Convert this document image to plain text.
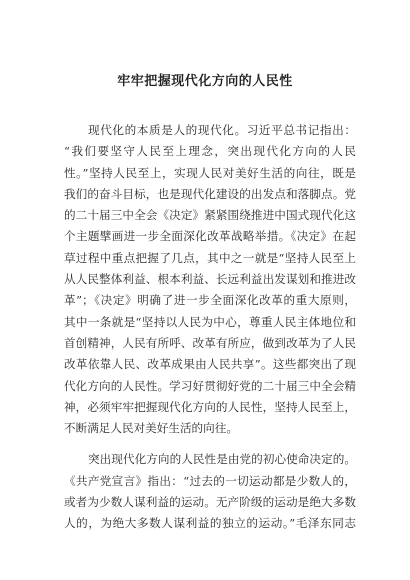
牢牢把握现代化方向的人民性
现代化的本质是人的现代化。习近平总书记指出：
“我们要坚守人民至上理念，突出现代化方向的人民
性。”坚持人民至上，实现人民对美好生活的向往，既是
我们的奋斗目标，也是现代化建设的出发点和落脚点。党
的二十届三中全会《决定》紧紧围绕推进中国式现代化这
个主题擘画进一步全面深化改革战略举措。《决定》在起
草过程中重点把握了几点，其中之一就是“坚持人民至上
从人民整体利益、根本利益、长远利益出发谋划和推进改
革”；《决定》明确了进一步全面深化改革的重大原则，
其中一条就是“坚持以人民为中心，尊重人民主体地位和
首创精神，人民有所呼、改革有所应，做到改革为了人民
改革依靠人民、改革成果由人民共享”。这些都突出了现
代化方向的人民性。学习好贯彻好党的二十届三中全会精
神，必须牢牢把握现代化方向的人民性，坚持人民至上，
不断满足人民对美好生活的向往。
突出现代化方向的人民性是由党的初心使命决定的。
《共产党宣言》指出：“过去的一切运动都是少数人的，
或者为少数人谋利益的运动。无产阶级的运动是绝大多数
人的，为绝大多数人谋利益的独立的运动。”毛泽东同志
